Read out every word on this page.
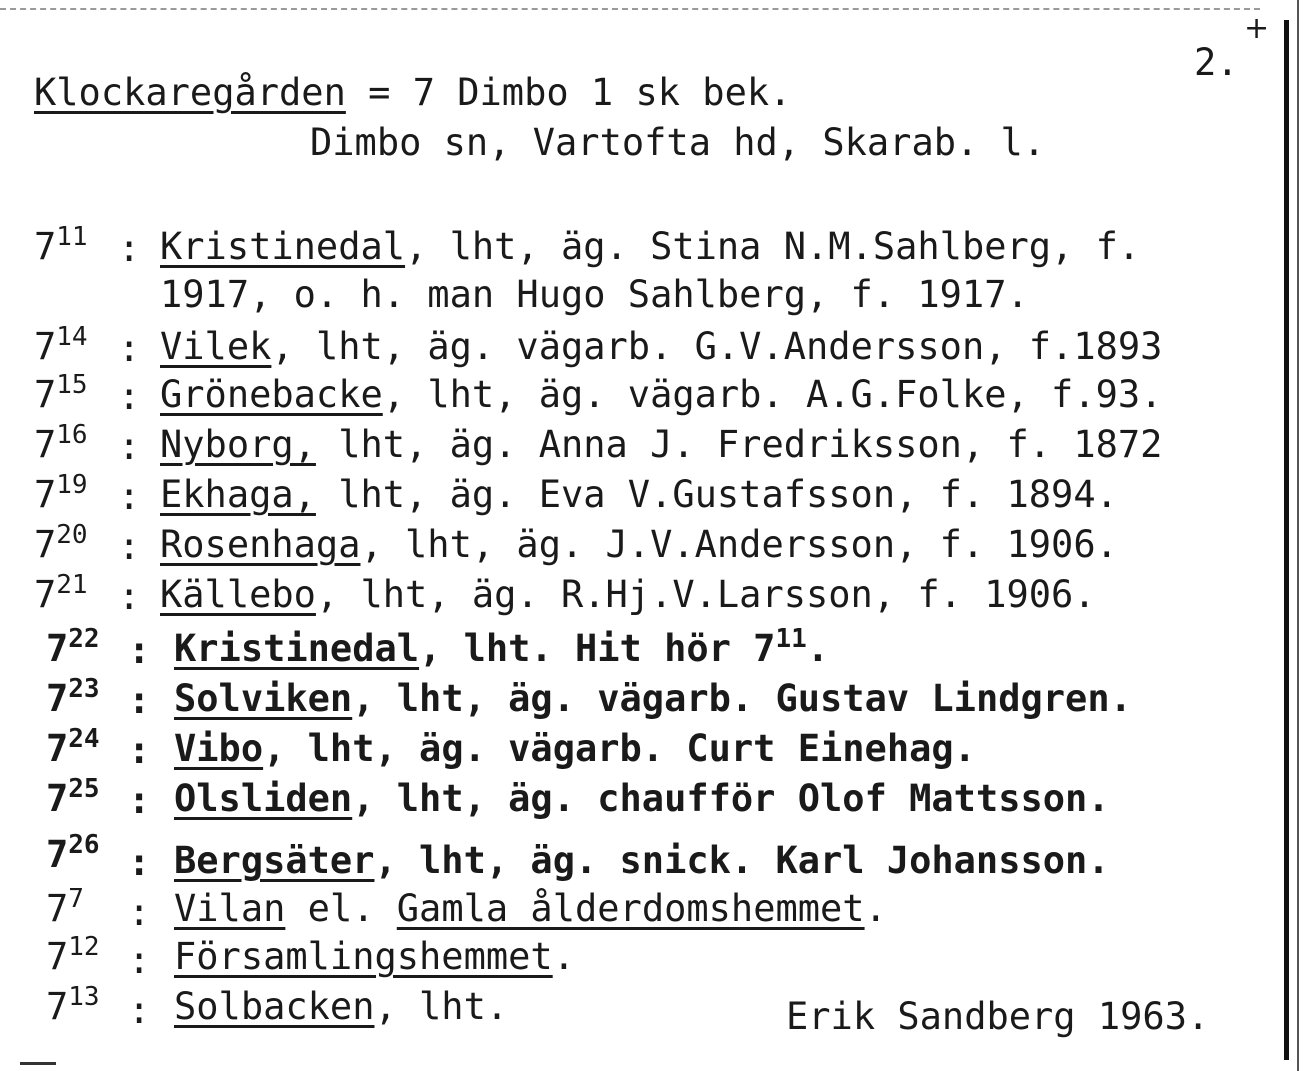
+
2.
Klockaregården = 7 Dimbo 1 sk bek.
Dimbo sn, Vartofta hd, Skarab. l.
$7^{11}$ : Kristinedal, lht, äg. Stina N.M.Sahlberg, f.
1917, o. h. man Hugo Sahlberg, f. 1917.
$7^{14}$ : Vilek, lht, äg. vägarb. G.V.Andersson, f.1893
$7^{15}$ : Grönebacke, lht, äg. vägarb. A.G.Folke, f.93.
$7^{16}$ : Nyborg, lht, äg. Anna J. Fredriksson, f. 1872
$7^{19}$ : Ekhaga, lht, äg. Eva V.Gustafsson, f. 1894.
$7^{20}$ : Rosenhaga, lht, äg. J.V.Andersson, f. 1906.
$7^{21}$ : Källebo, lht, äg. R.Hj.V.Larsson, f. 1906.
$7^{22}$ : Kristinedal, lht. Hit hör $7^{11}$.
$7^{23}$ : Solviken, lht, äg. vägarb. Gustav Lindgren.
$7^{24}$ : Vibo, lht, äg. vägarb. Curt Einehag.
$7^{25}$ : Olsliden, lht, äg. chaufför Olof Mattsson.
$7^{26}$ : Bergsäter, lht, äg. snick. Karl Johansson.
$7^7$ : Vilan el. Gamla ålderdomshemmet.
$7^{12}$ : Församlingshemmet.
$7^{13}$ : Solbacken, lht.	Erik Sandberg 1963.
